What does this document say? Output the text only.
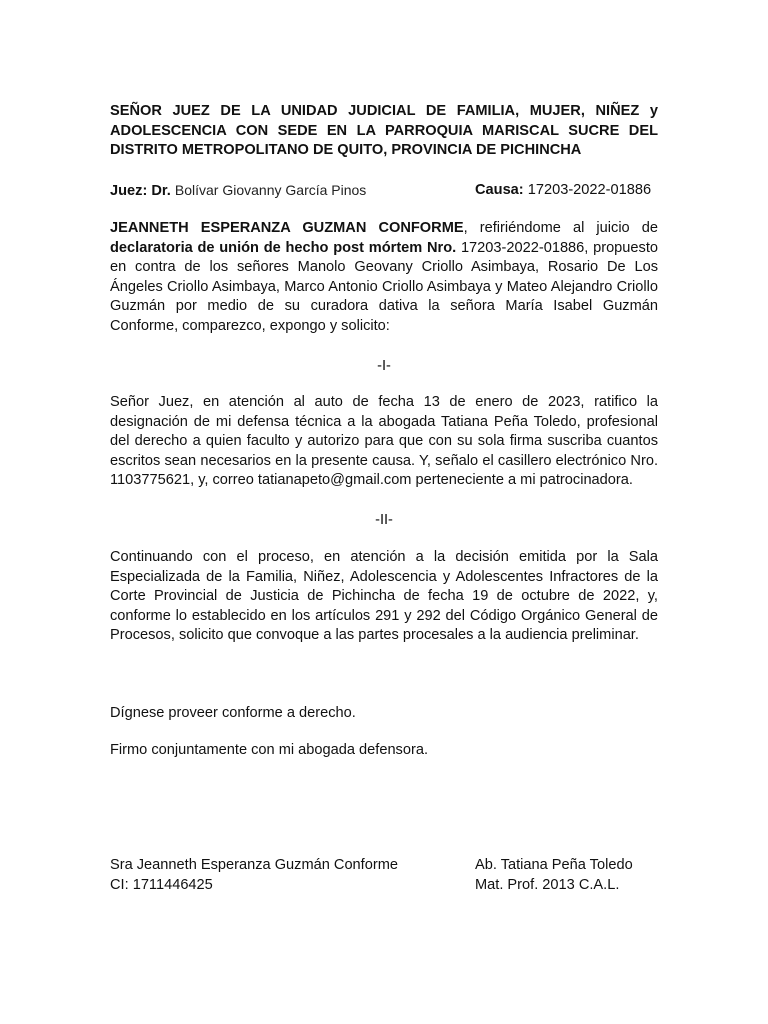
SEÑOR JUEZ DE LA UNIDAD JUDICIAL DE FAMILIA, MUJER, NIÑEZ y ADOLESCENCIA CON SEDE EN LA PARROQUIA MARISCAL SUCRE DEL DISTRITO METROPOLITANO DE QUITO, PROVINCIA DE PICHINCHA
Juez: Dr. Bolívar Giovanny García Pinos	Causa: 17203-2022-01886
JEANNETH ESPERANZA GUZMAN CONFORME, refiriéndome al juicio de declaratoria de unión de hecho post mórtem Nro. 17203-2022-01886, propuesto en contra de los señores Manolo Geovany Criollo Asimbaya, Rosario De Los Ángeles Criollo Asimbaya, Marco Antonio Criollo Asimbaya y Mateo Alejandro Criollo Guzmán por medio de su curadora dativa la señora María Isabel Guzmán Conforme, comparezco, expongo y solicito:
-I-
Señor Juez, en atención al auto de fecha 13 de enero de 2023, ratifico la designación de mi defensa técnica a la abogada Tatiana Peña Toledo, profesional del derecho a quien faculto y autorizo para que con su sola firma suscriba cuantos escritos sean necesarios en la presente causa. Y, señalo el casillero electrónico Nro. 1103775621, y, correo tatianapeto@gmail.com perteneciente a mi patrocinadora.
-II-
Continuando con el proceso, en atención a la decisión emitida por la Sala Especializada de la Familia, Niñez, Adolescencia y Adolescentes Infractores de la Corte Provincial de Justicia de Pichincha de fecha 19 de octubre de 2022, y, conforme lo establecido en los artículos 291 y 292 del Código Orgánico General de Procesos, solicito que convoque a las partes procesales a la audiencia preliminar.
Dígnese proveer conforme a derecho.
Firmo conjuntamente con mi abogada defensora.
Sra Jeanneth Esperanza Guzmán Conforme
CI: 1711446425
Ab. Tatiana Peña Toledo
Mat. Prof. 2013 C.A.L.
